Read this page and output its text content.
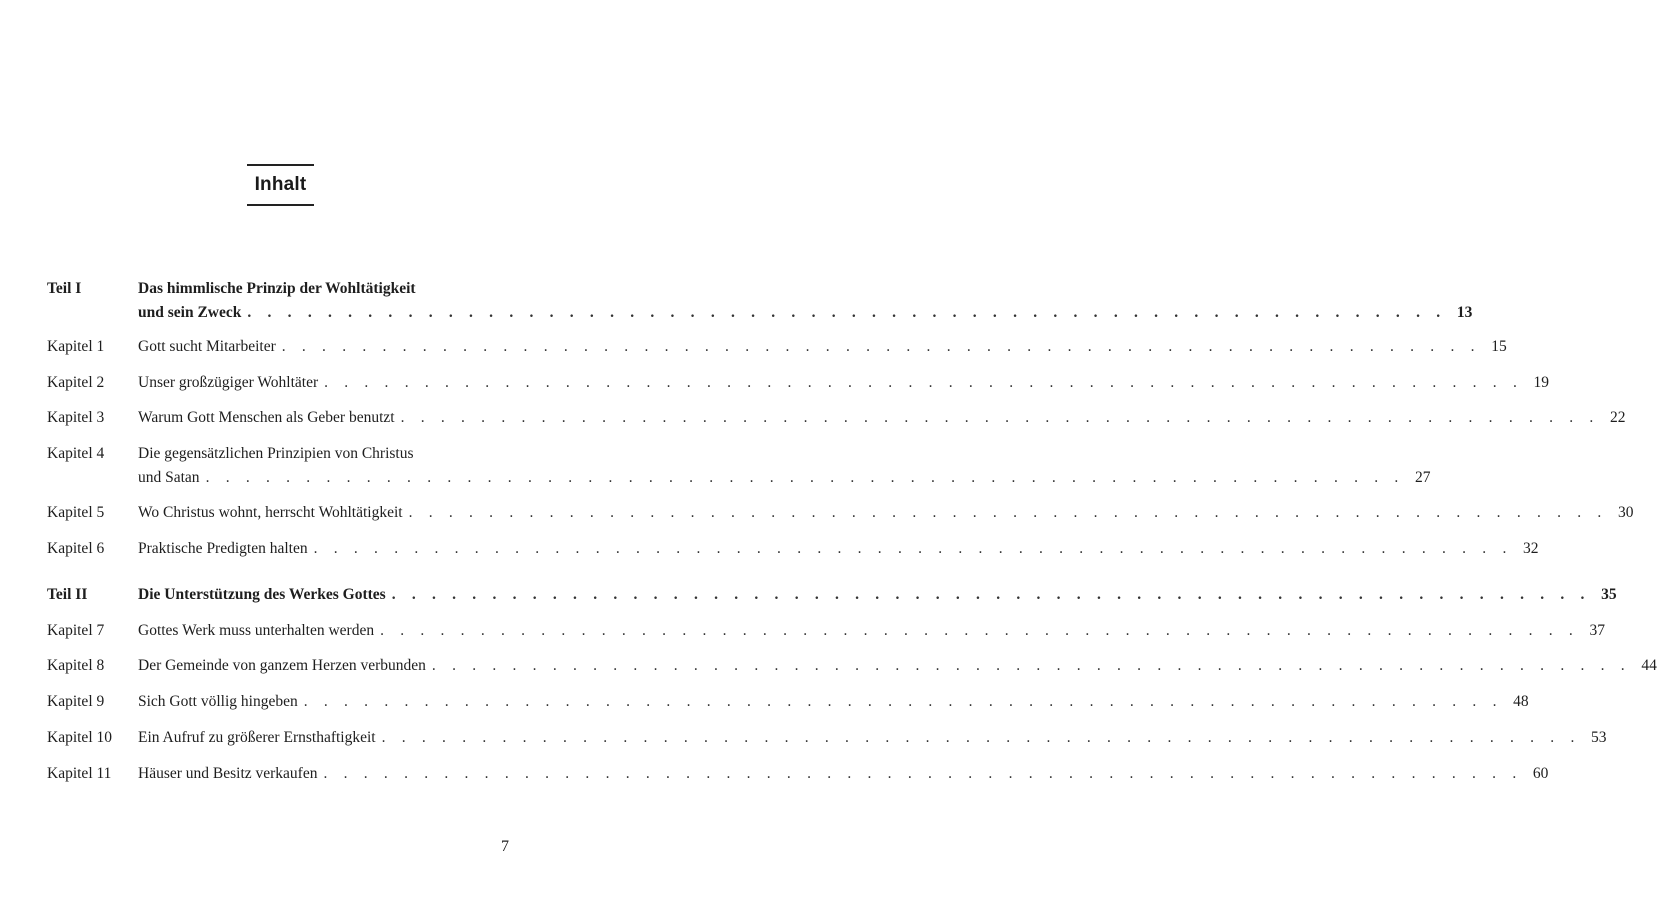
Inhalt
Teil I	Das himmlische Prinzip der Wohltätigkeit
und sein Zweck . . . . . . . . . . . . . . . . . . . . . . . . . . . . . . . . . . . . . . . . . . . . . . . . . . . . . . . . . . . . 13
Kapitel 1 Gott sucht Mitarbeiter . . . . . . . . . . . . . . . . . . . . . . . . . . . . . . . . . . . . . . . . . . . . . . . . . . . . . . . . . . . . 15
Kapitel 2 Unser großzügiger Wohltäter . . . . . . . . . . . . . . . . . . . . . . . . . . . . . . . . . . . . . . . . . . . . . . . . . . . . . . . . . . . . 19
Kapitel 3 Warum Gott Menschen als Geber benutzt . . . . . . . . . . . . . . . . . . . . . . . . . . . . . . . . . . . . . . . . . . . . . . . . . . . . . . . . . . . . 22
Kapitel 4 Die gegensätzlichen Prinzipien von Christus
und Satan . . . . . . . . . . . . . . . . . . . . . . . . . . . . . . . . . . . . . . . . . . . . . . . . . . . . . . . . . . . . 27
Kapitel 5 Wo Christus wohnt, herrscht Wohltätigkeit . . . . . . . . . . . . . . . . . . . . . . . . . . . . . . . . . . . . . . . . . . . . . . . . . . . . . . . . . . . . 30
Kapitel 6 Praktische Predigten halten . . . . . . . . . . . . . . . . . . . . . . . . . . . . . . . . . . . . . . . . . . . . . . . . . . . . . . . . . . . . 32
Teil II	Die Unterstützung des Werkes Gottes . . . . . . . . . . . . . . . . . . . . . . . . . . . . . . . . . . . . . . . . . . . . . . . . . . . . . . . . . . . . 35
Kapitel 7 Gottes Werk muss unterhalten werden . . . . . . . . . . . . . . . . . . . . . . . . . . . . . . . . . . . . . . . . . . . . . . . . . . . . . . . . . . . . 37
Kapitel 8 Der Gemeinde von ganzem Herzen verbunden . . . . . . . . . . . . . . . . . . . . . . . . . . . . . . . . . . . . . . . . . . . . . . . . . . . . . . . . . . . . 44
Kapitel 9 Sich Gott völlig hingeben . . . . . . . . . . . . . . . . . . . . . . . . . . . . . . . . . . . . . . . . . . . . . . . . . . . . . . . . . . . . 48
Kapitel 10 Ein Aufruf zu größerer Ernsthaftigkeit . . . . . . . . . . . . . . . . . . . . . . . . . . . . . . . . . . . . . . . . . . . . . . . . . . . . . . . . . . . . 53
Kapitel 11 Häuser und Besitz verkaufen . . . . . . . . . . . . . . . . . . . . . . . . . . . . . . . . . . . . . . . . . . . . . . . . . . . . . . . . . . . . 60
7
